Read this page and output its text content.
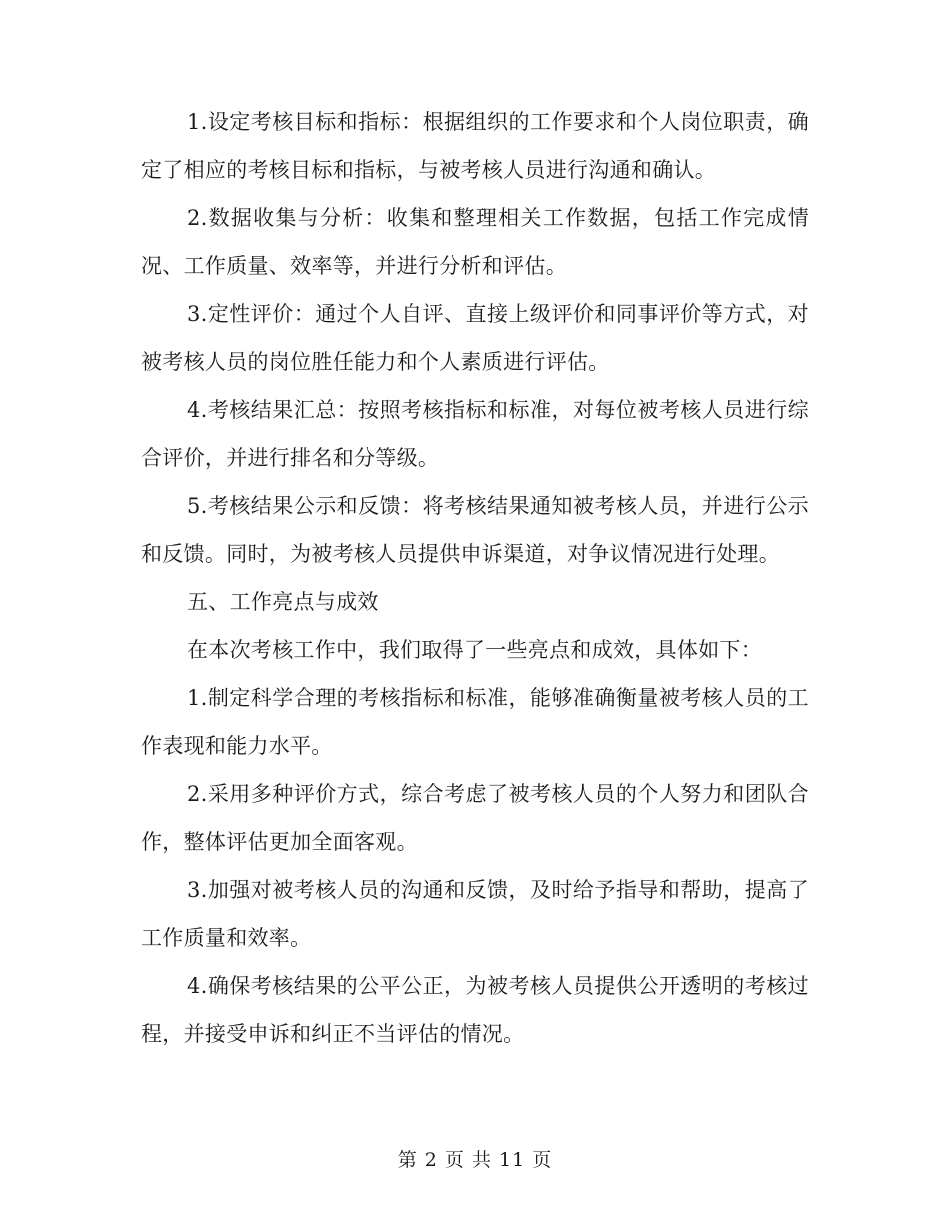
1.设定考核目标和指标：根据组织的工作要求和个人岗位职责，确定了相应的考核目标和指标，与被考核人员进行沟通和确认。

2.数据收集与分析：收集和整理相关工作数据，包括工作完成情况、工作质量、效率等，并进行分析和评估。

3.定性评价：通过个人自评、直接上级评价和同事评价等方式，对被考核人员的岗位胜任能力和个人素质进行评估。

4.考核结果汇总：按照考核指标和标准，对每位被考核人员进行综合评价，并进行排名和分等级。

5.考核结果公示和反馈：将考核结果通知被考核人员，并进行公示和反馈。同时，为被考核人员提供申诉渠道，对争议情况进行处理。

五、工作亮点与成效

在本次考核工作中，我们取得了一些亮点和成效，具体如下：

1.制定科学合理的考核指标和标准，能够准确衡量被考核人员的工作表现和能力水平。

2.采用多种评价方式，综合考虑了被考核人员的个人努力和团队合作，整体评估更加全面客观。

3.加强对被考核人员的沟通和反馈，及时给予指导和帮助，提高了工作质量和效率。

4.确保考核结果的公平公正，为被考核人员提供公开透明的考核过程，并接受申诉和纠正不当评估的情况。

第 2 页 共 11 页
